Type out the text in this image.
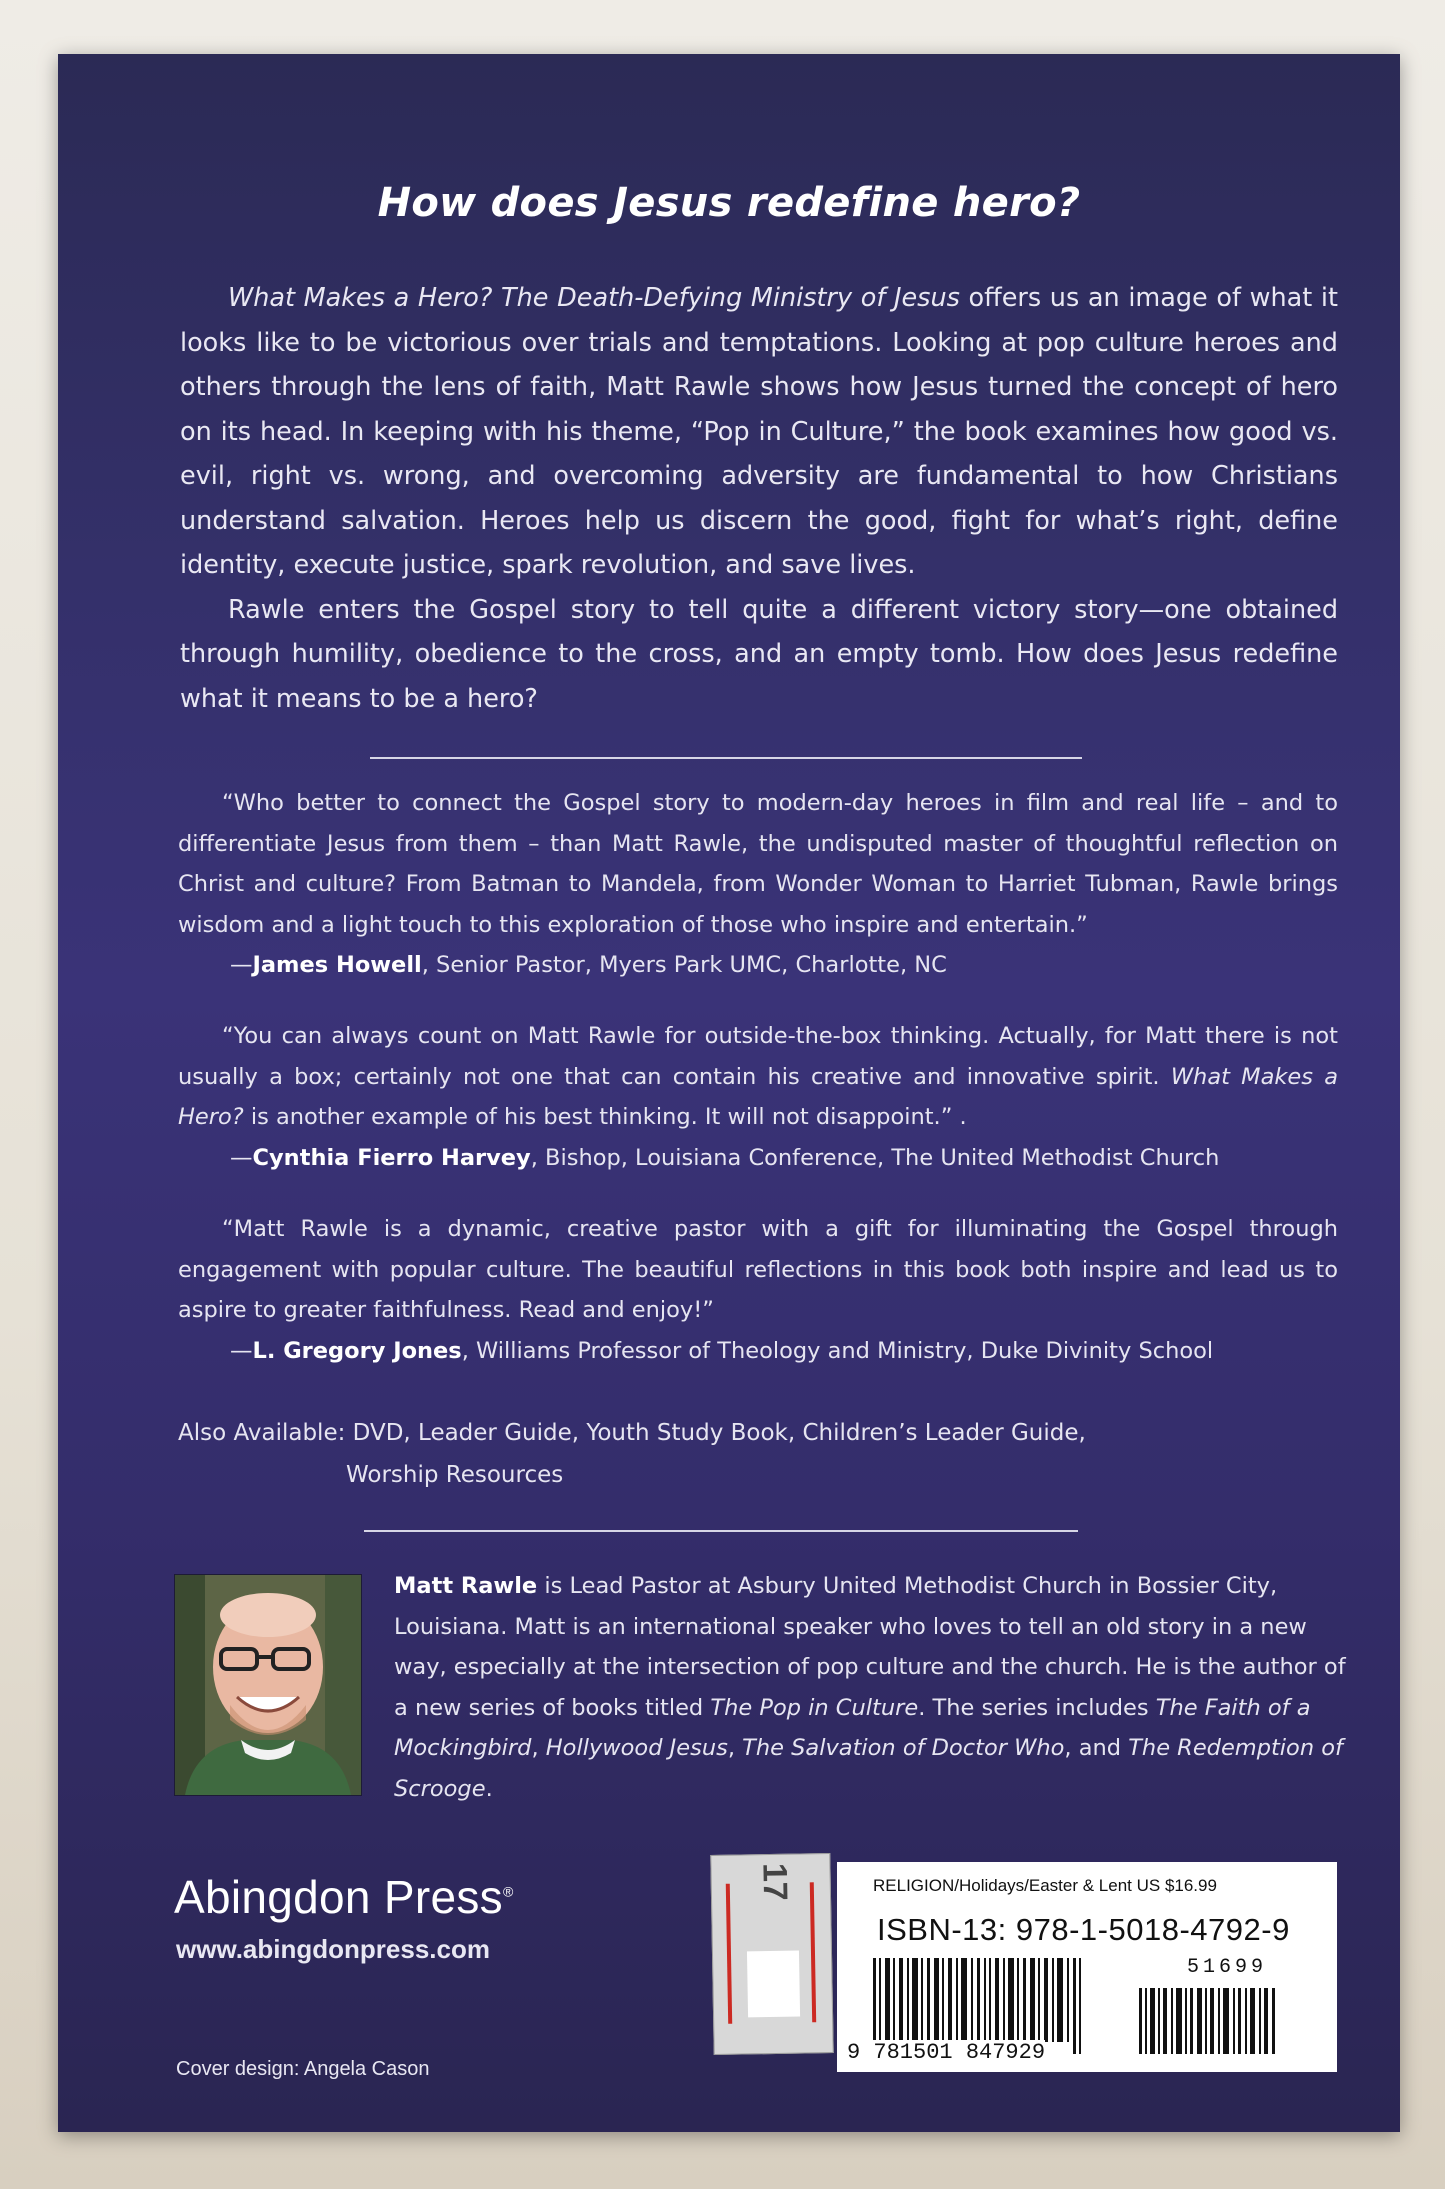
How does Jesus redefine hero?

What Makes a Hero? The Death-Defying Ministry of Jesus offers us an image of what it looks like to be victorious over trials and temptations. Looking at pop culture heroes and others through the lens of faith, Matt Rawle shows how Jesus turned the concept of hero on its head. In keeping with his theme, “Pop in Culture,” the book examines how good vs. evil, right vs. wrong, and overcoming adversity are fundamental to how Christians understand salvation. Heroes help us discern the good, fight for what’s right, define identity, execute justice, spark revolution, and save lives.

Rawle enters the Gospel story to tell quite a different victory story—one obtained through humility, obedience to the cross, and an empty tomb. How does Jesus redefine what it means to be a hero?

“Who better to connect the Gospel story to modern-day heroes in film and real life – and to differentiate Jesus from them – than Matt Rawle, the undisputed master of thoughtful reflection on Christ and culture? From Batman to Mandela, from Wonder Woman to Harriet Tubman, Rawle brings wisdom and a light touch to this exploration of those who inspire and entertain.”

—James Howell, Senior Pastor, Myers Park UMC, Charlotte, NC

“You can always count on Matt Rawle for outside-the-box thinking. Actually, for Matt there is not usually a box; certainly not one that can contain his creative and innovative spirit. What Makes a Hero? is another example of his best thinking. It will not disappoint.” .

—Cynthia Fierro Harvey, Bishop, Louisiana Conference, The United Methodist Church

“Matt Rawle is a dynamic, creative pastor with a gift for illuminating the Gospel through engagement with popular culture. The beautiful reflections in this book both inspire and lead us to aspire to greater faithfulness. Read and enjoy!”

—L. Gregory Jones, Williams Professor of Theology and Ministry, Duke Divinity School

Also Available: DVD, Leader Guide, Youth Study Book, Children’s Leader Guide,
Worship Resources
Matt Rawle is Lead Pastor at Asbury United Methodist Church in Bossier City, Louisiana. Matt is an international speaker who loves to tell an old story in a new way, especially at the intersection of pop culture and the church. He is the author of a new series of books titled The Pop in Culture. The series includes The Faith of a Mockingbird, Hollywood Jesus, The Salvation of Doctor Who, and The Redemption of Scrooge.
Abingdon Press®
www.abingdonpress.com
Cover design: Angela Cason
17	RELIGION/Holidays/Easter & Lent US $16.99
ISBN-13: 978-1-5018-4792-9
51699
9 781501 847929
